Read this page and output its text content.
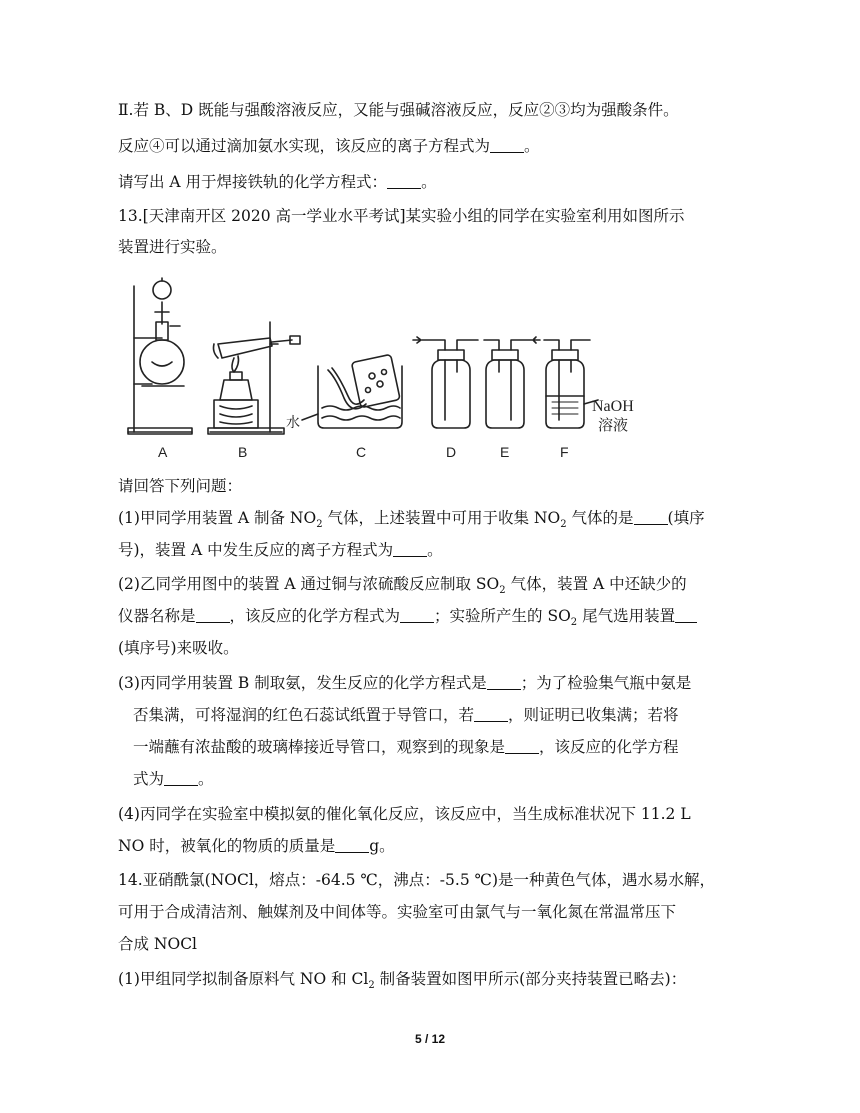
Ⅱ.若 B、D 既能与强酸溶液反应，又能与强碱溶液反应，反应②③均为强酸条件。
反应④可以通过滴加氨水实现，该反应的离子方程式为 。
请写出 A 用于焊接铁轨的化学方程式： 。
13.[天津南开区 2020 高一学业水平考试]某实验小组的同学在实验室利用如图所示
装置进行实验。
A	B	C	D	E	F
水
NaOH
溶液
请回答下列问题：
(1)甲同学用装置 A 制备 $NO_2$ 气体，上述装置中可用于收集 $NO_2$ 气体的是 (填序
号)，装置 A 中发生反应的离子方程式为 。
(2)乙同学用图中的装置 A 通过铜与浓硫酸反应制取 $SO_2$ 气体，装置 A 中还缺少的
仪器名称是 ，该反应的化学方程式为 ；实验所产生的 $SO_2$ 尾气选用装置
(填序号)来吸收。
(3)丙同学用装置 B 制取氨，发生反应的化学方程式是 ；为了检验集气瓶中氨是
否集满，可将湿润的红色石蕊试纸置于导管口，若 ，则证明已收集满；若将
一端蘸有浓盐酸的玻璃棒接近导管口，观察到的现象是 ，该反应的化学方程
式为 。
(4)丙同学在实验室中模拟氨的催化氧化反应，该反应中，当生成标准状况下 11.2 L
NO 时，被氧化的物质的质量是 g。
14.亚硝酰氯(NOCl，熔点：-64.5 ℃，沸点：-5.5 ℃)是一种黄色气体，遇水易水解，
可用于合成清洁剂、触媒剂及中间体等。实验室可由氯气与一氧化氮在常温常压下
合成 NOCl
(1)甲组同学拟制备原料气 NO 和 $Cl_2$ 制备装置如图甲所示(部分夹持装置已略去)：
5 / 12
